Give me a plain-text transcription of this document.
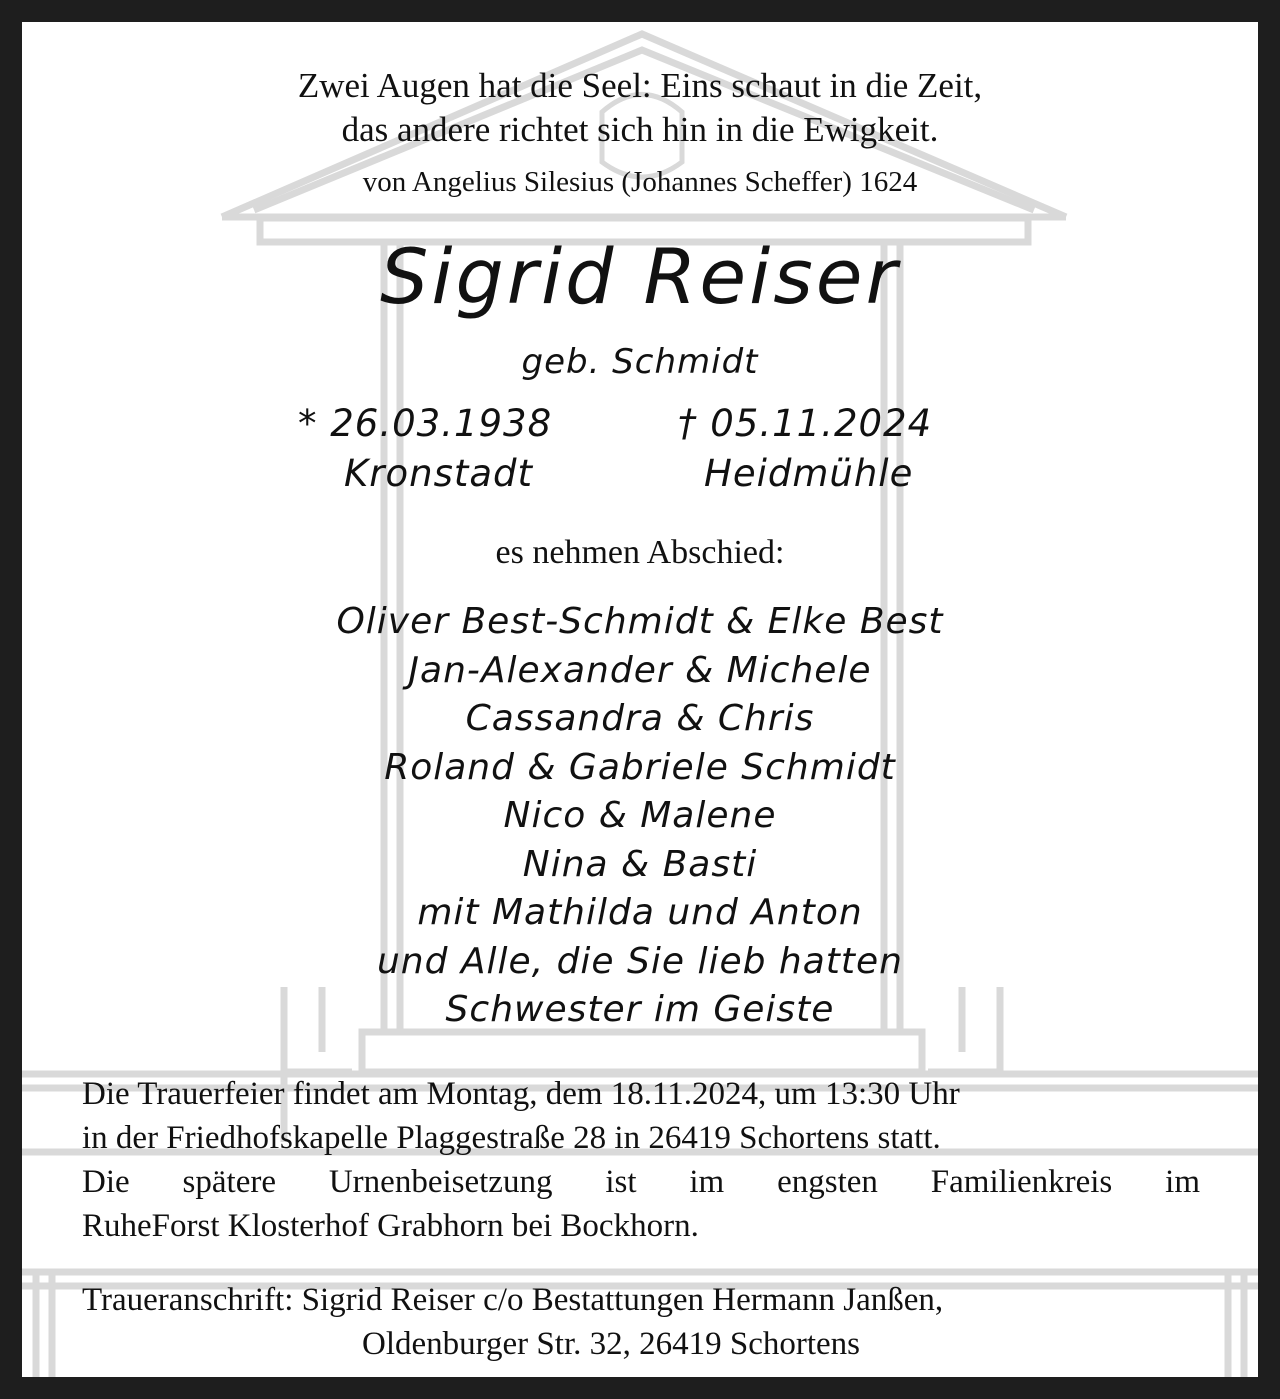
Zwei Augen hat die Seel: Eins schaut in die Zeit,
das andere richtet sich hin in die Ewigkeit.
von Angelius Silesius (Johannes Scheffer) 1624
Sigrid Reiser
geb. Schmidt
* 26.03.1938	† 05.11.2024
Kronstadt	Heidmühle
es nehmen Abschied:
Oliver Best-Schmidt & Elke Best
Jan-Alexander & Michele
Cassandra & Chris
Roland & Gabriele Schmidt
Nico & Malene
Nina & Basti
mit Mathilda und Anton
und Alle, die Sie lieb hatten
Schwester im Geiste
Die Trauerfeier findet am Montag, dem 18.11.2024, um 13:30 Uhr
in der Friedhofskapelle Plaggestraße 28 in 26419 Schortens statt.
Die spätere Urnenbeisetzung ist im engsten Familienkreis im
RuheForst Klosterhof Grabhorn bei Bockhorn.
Traueranschrift: Sigrid Reiser c/o Bestattungen Hermann Janßen,
Oldenburger Str. 32, 26419 Schortens
